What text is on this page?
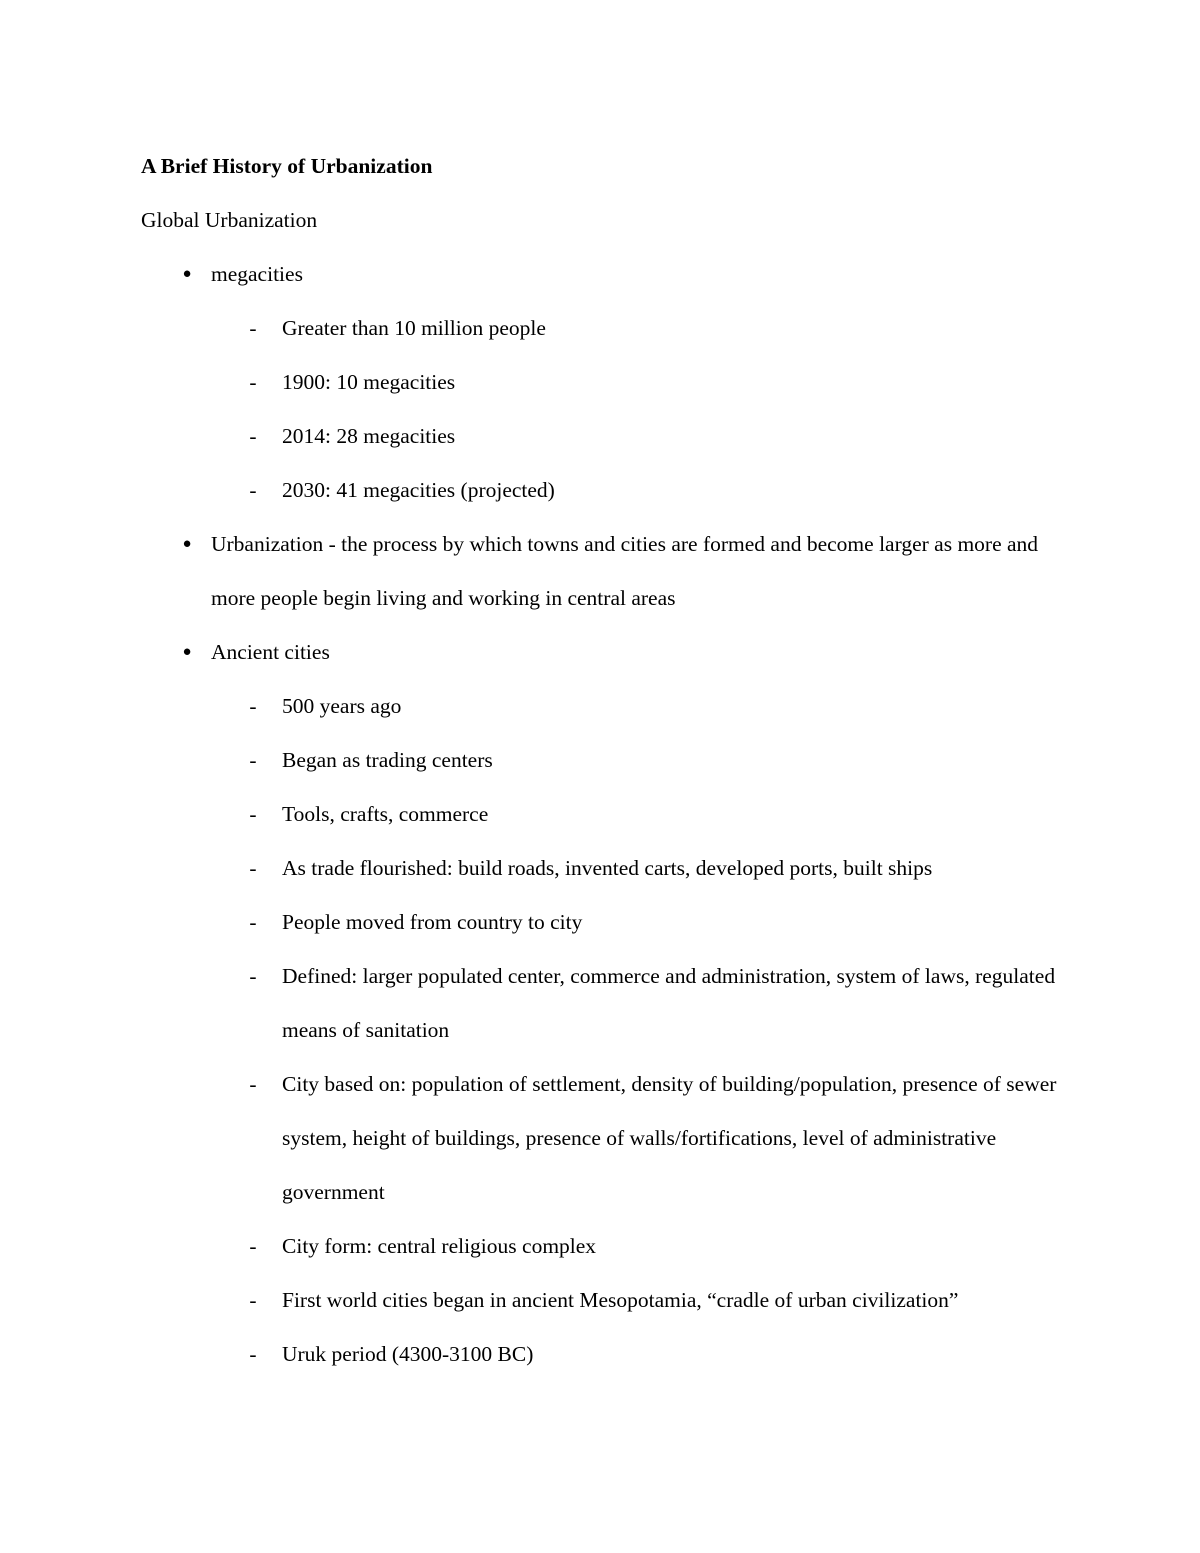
A Brief History of Urbanization

Global Urbanization

● megacities
- Greater than 10 million people
- 1900: 10 megacities
- 2014: 28 megacities
- 2030: 41 megacities (projected)
● Urbanization - the process by which towns and cities are formed and become larger as more and more people begin living and working in central areas
● Ancient cities
- 500 years ago
- Began as trading centers
- Tools, crafts, commerce
- As trade flourished: build roads, invented carts, developed ports, built ships
- People moved from country to city
- Defined: larger populated center, commerce and administration, system of laws, regulated means of sanitation
- City based on: population of settlement, density of building/population, presence of sewer system, height of buildings, presence of walls/fortifications, level of administrative government
- City form: central religious complex
- First world cities began in ancient Mesopotamia, “cradle of urban civilization”
- Uruk period (4300-3100 BC)
